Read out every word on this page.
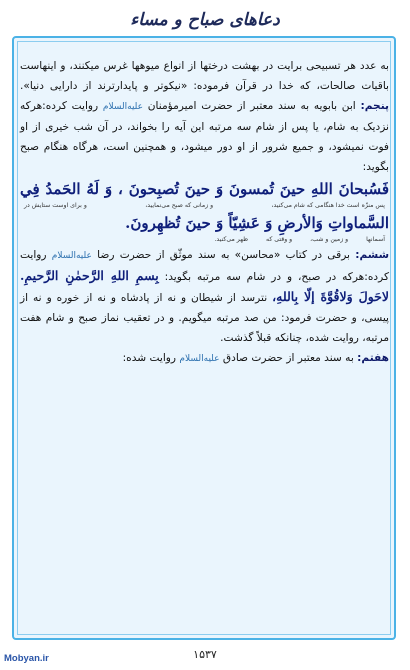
دعاهای صباح و مساء

به عدد هر تسبیحی برایت در بهشت درختها از انواع میوهها غرس میکنند، و اینهاست باقیات صالحات، که خدا در قرآن فرموده: «نیکوتر و پایدارترند از دارایی دنیا». پنجم: ابن بابویه به سند معتبر از حضرت امیرمؤمنان علیه‌السلام روایت کرده:هرکه نزدیک به شام، یا پس از شام سه مرتبه این آیه را بخواند، در آن شب خیری از او فوت نمیشود، و جمیع شرور از او دور میشود، و همچنین است، هرگاه هنگام صبح بگوید:

فَسُبحانَ اللهِ حينَ تُمسونَ وَ حينَ تُصبِحونَ ، وَ لَهُ الحَمدُ فِي
پس منزّه است خدا هنگامی که شام می‌کنید،
و زمانی که صبح می‌نمایید،
و برای اوست ستایش در
السَّماواتِ وَالأرضِ وَ عَشِيّاً وَ حينَ تُظهِرونَ.
آسمانها
و زمین و شب،
و وقتی که
ظهر می‌کنید.

ششم: برقی در کتاب «محاسن» به سند موثّق از حضرت رضا علیه‌السلام روایت کرده:هرکه در صبح، و در شام سه مرتبه بگوید: بِسمِ اللهِ الرَّحمٰنِ الرَّحيمِ. لاحَولَ وَلاقُوَّةَ إلّا بِاللهِ، نترسد از شیطان و نه از پادشاه و نه از خوره و نه از پیسی، و حضرت فرمود: من صد مرتبه میگویم. و در تعقیب نماز صبح و شام هفت مرتبه، روایت شده، چنانکه قبلاً گذشت.

هفتم: به سند معتبر از حضرت صادق علیه‌السلام روایت شده:

۱۵۳۷
Mobyan.ir
